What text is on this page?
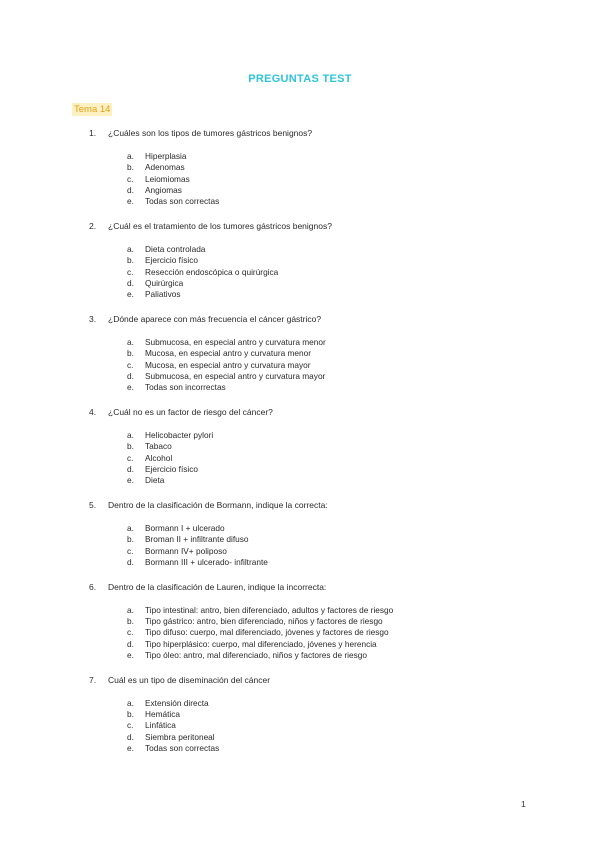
PREGUNTAS TEST
Tema 14
1. ¿Cuáles son los tipos de tumores gástricos benignos?
a. Hiperplasia
b. Adenomas
c. Leiomiomas
d. Angiomas
e. Todas son correctas
2. ¿Cuál es el tratamiento de los tumores gástricos benignos?
a. Dieta controlada
b. Ejercicio físico
c. Resección endoscópica o quirúrgica
d. Quirúrgica
e. Paliativos
3. ¿Dónde aparece con más frecuencia el cáncer gástrico?
a. Submucosa, en especial antro y curvatura menor
b. Mucosa, en especial antro y curvatura menor
c. Mucosa, en especial antro y curvatura mayor
d. Submucosa, en especial antro y curvatura mayor
e. Todas son incorrectas
4. ¿Cuál no es un factor de riesgo del cáncer?
a. Helicobacter pylori
b. Tabaco
c. Alcohol
d. Ejercicio físico
e. Dieta
5. Dentro de la clasificación de Bormann, indique la correcta:
a. Bormann I + ulcerado
b. Broman II + infiltrante difuso
c. Bormann IV+ poliposo
d. Bormann III + ulcerado- infiltrante
6. Dentro de la clasificación de Lauren, indique la incorrecta:
a. Tipo intestinal: antro, bien diferenciado, adultos y factores de riesgo
b. Tipo gástrico: antro, bien diferenciado, niños y factores de riesgo
c. Tipo difuso: cuerpo, mal diferenciado, jóvenes y factores de riesgo
d. Tipo hiperplásico: cuerpo, mal diferenciado, jóvenes y herencia
e. Tipo óleo: antro, mal diferenciado, niños y factores de riesgo
7. Cuál es un tipo de diseminación del cáncer
a. Extensión directa
b. Hemática
c. Linfática
d. Siembra peritoneal
e. Todas son correctas
1
